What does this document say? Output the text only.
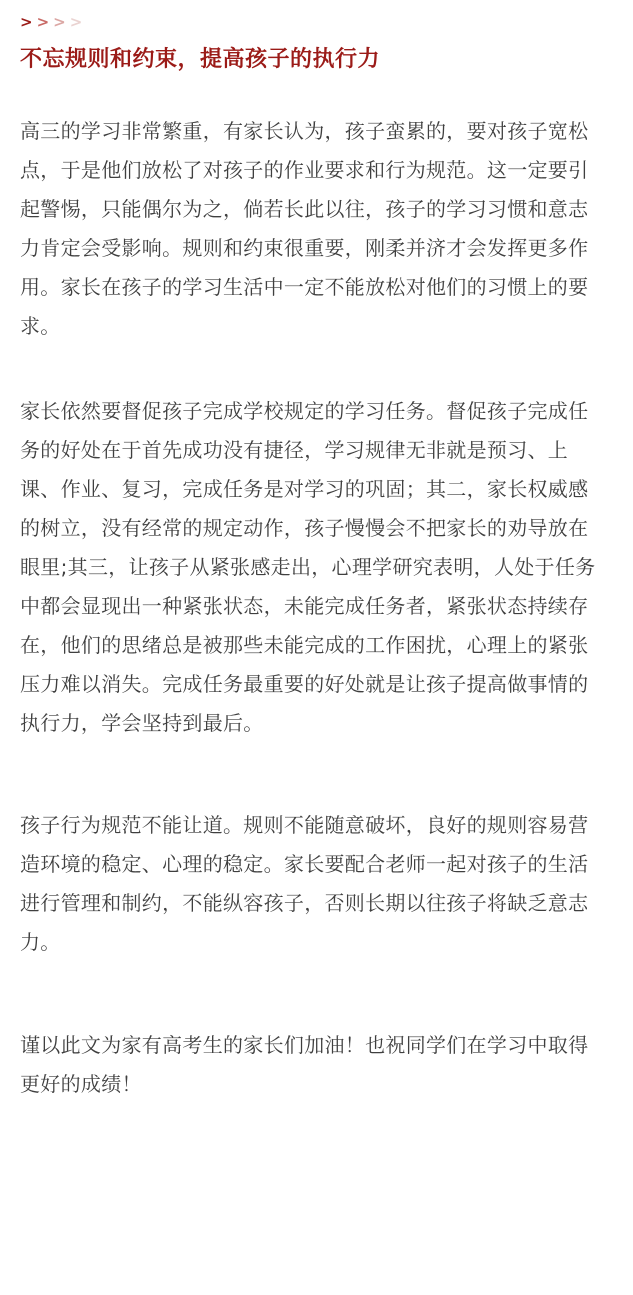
> > > >
不忘规则和约束，提高孩子的执行力
高三的学习非常繁重，有家长认为，孩子蛮累的，要对孩子宽松
点，于是他们放松了对孩子的作业要求和行为规范。这一定要引
起警惕，只能偶尔为之，倘若长此以往，孩子的学习习惯和意志
力肯定会受影响。规则和约束很重要，刚柔并济才会发挥更多作
用。家长在孩子的学习生活中一定不能放松对他们的习惯上的要
求。
家长依然要督促孩子完成学校规定的学习任务。督促孩子完成任
务的好处在于首先成功没有捷径，学习规律无非就是预习、上
课、作业、复习，完成任务是对学习的巩固；其二，家长权威感
的树立，没有经常的规定动作，孩子慢慢会不把家长的劝导放在
眼里;其三，让孩子从紧张感走出，心理学研究表明，人处于任务
中都会显现出一种紧张状态，未能完成任务者，紧张状态持续存
在，他们的思绪总是被那些未能完成的工作困扰，心理上的紧张
压力难以消失。完成任务最重要的好处就是让孩子提高做事情的
执行力，学会坚持到最后。
孩子行为规范不能让道。规则不能随意破坏，良好的规则容易营
造环境的稳定、心理的稳定。家长要配合老师一起对孩子的生活
进行管理和制约，不能纵容孩子，否则长期以往孩子将缺乏意志
力。
谨以此文为家有高考生的家长们加油！也祝同学们在学习中取得
更好的成绩！
